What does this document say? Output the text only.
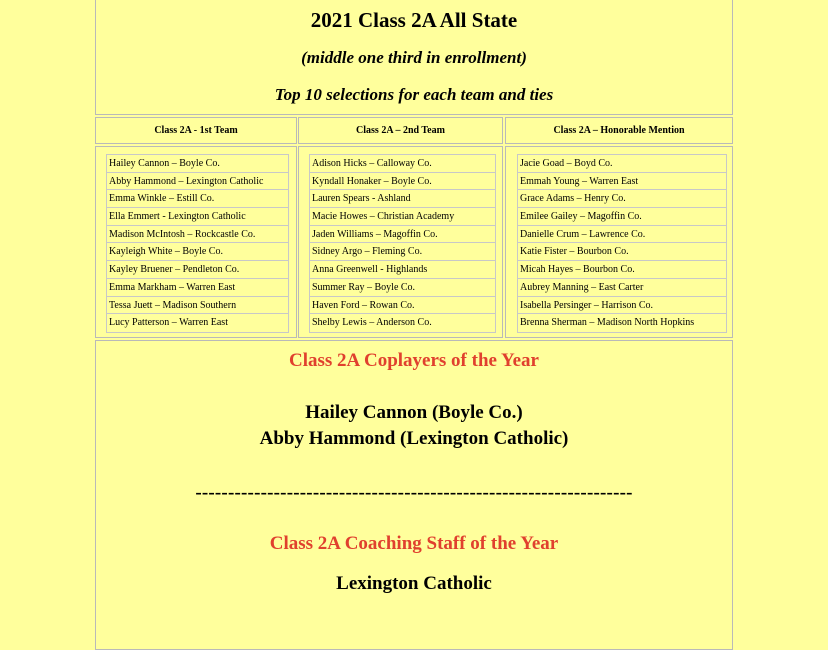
2021 Class 2A All State
(middle one third in enrollment)
Top 10 selections for each team and ties
Class 2A - 1st Team	Class 2A – 2nd Team	Class 2A – Honorable Mention
Hailey Cannon – Boyle Co.
Abby Hammond – Lexington Catholic
Emma Winkle – Estill Co.
Ella Emmert - Lexington Catholic
Madison McIntosh – Rockcastle Co.
Kayleigh White – Boyle Co.
Kayley Bruener – Pendleton Co.
Emma Markham – Warren East
Tessa Juett – Madison Southern
Lucy Patterson – Warren East
Adison Hicks – Calloway Co.
Kyndall Honaker – Boyle Co.
Lauren Spears - Ashland
Macie Howes – Christian Academy
Jaden Williams – Magoffin Co.
Sidney Argo – Fleming Co.
Anna Greenwell - Highlands
Summer Ray – Boyle Co.
Haven Ford – Rowan Co.
Shelby Lewis – Anderson Co.
Jacie Goad – Boyd Co.
Emmah Young – Warren East
Grace Adams – Henry Co.
Emilee Gailey – Magoffin Co.
Danielle Crum – Lawrence Co.
Katie Fister – Bourbon Co.
Micah Hayes – Bourbon Co.
Aubrey Manning – East Carter
Isabella Persinger – Harrison Co.
Brenna Sherman – Madison North Hopkins
Class 2A Coplayers of the Year
Hailey Cannon (Boyle Co.)
Abby Hammond (Lexington Catholic)
-------------------------------------------------------------------
Class 2A Coaching Staff of the Year
Lexington Catholic
